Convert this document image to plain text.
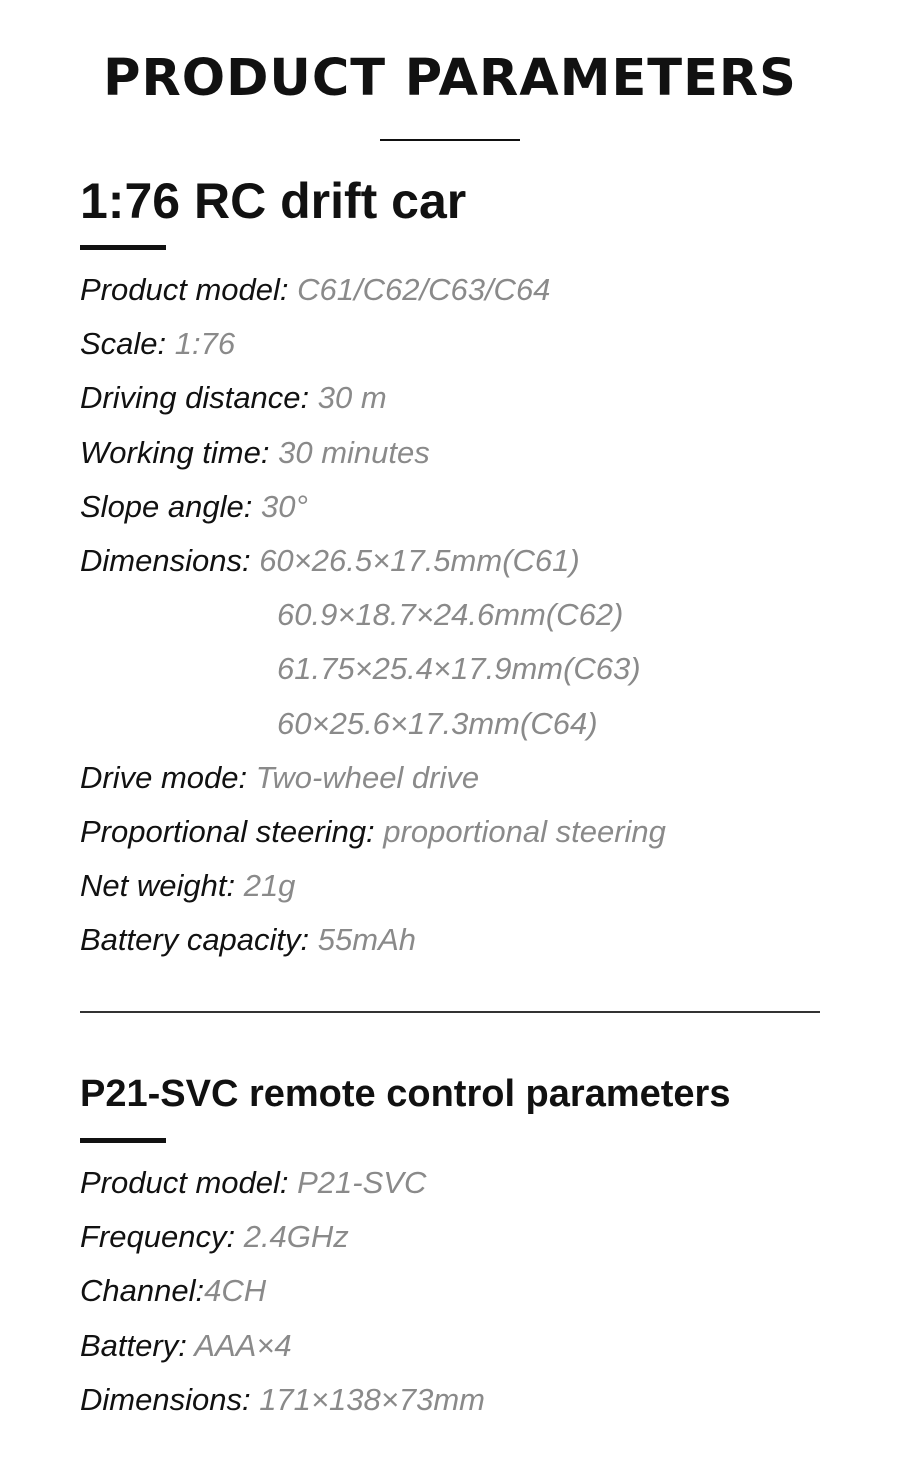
PRODUCT PARAMETERS
1:76 RC drift car
Product model: C61/C62/C63/C64
Scale: 1:76
Driving distance: 30 m
Working time: 30 minutes
Slope angle: 30°
Dimensions: 60×26.5×17.5mm(C61)
60.9×18.7×24.6mm(C62)
61.75×25.4×17.9mm(C63)
60×25.6×17.3mm(C64)
Drive mode: Two-wheel drive
Proportional steering: proportional steering
Net weight: 21g
Battery capacity: 55mAh
P21-SVC remote control parameters
Product model: P21-SVC
Frequency: 2.4GHz
Channel:4CH
Battery: AAA×4
Dimensions: 171×138×73mm
